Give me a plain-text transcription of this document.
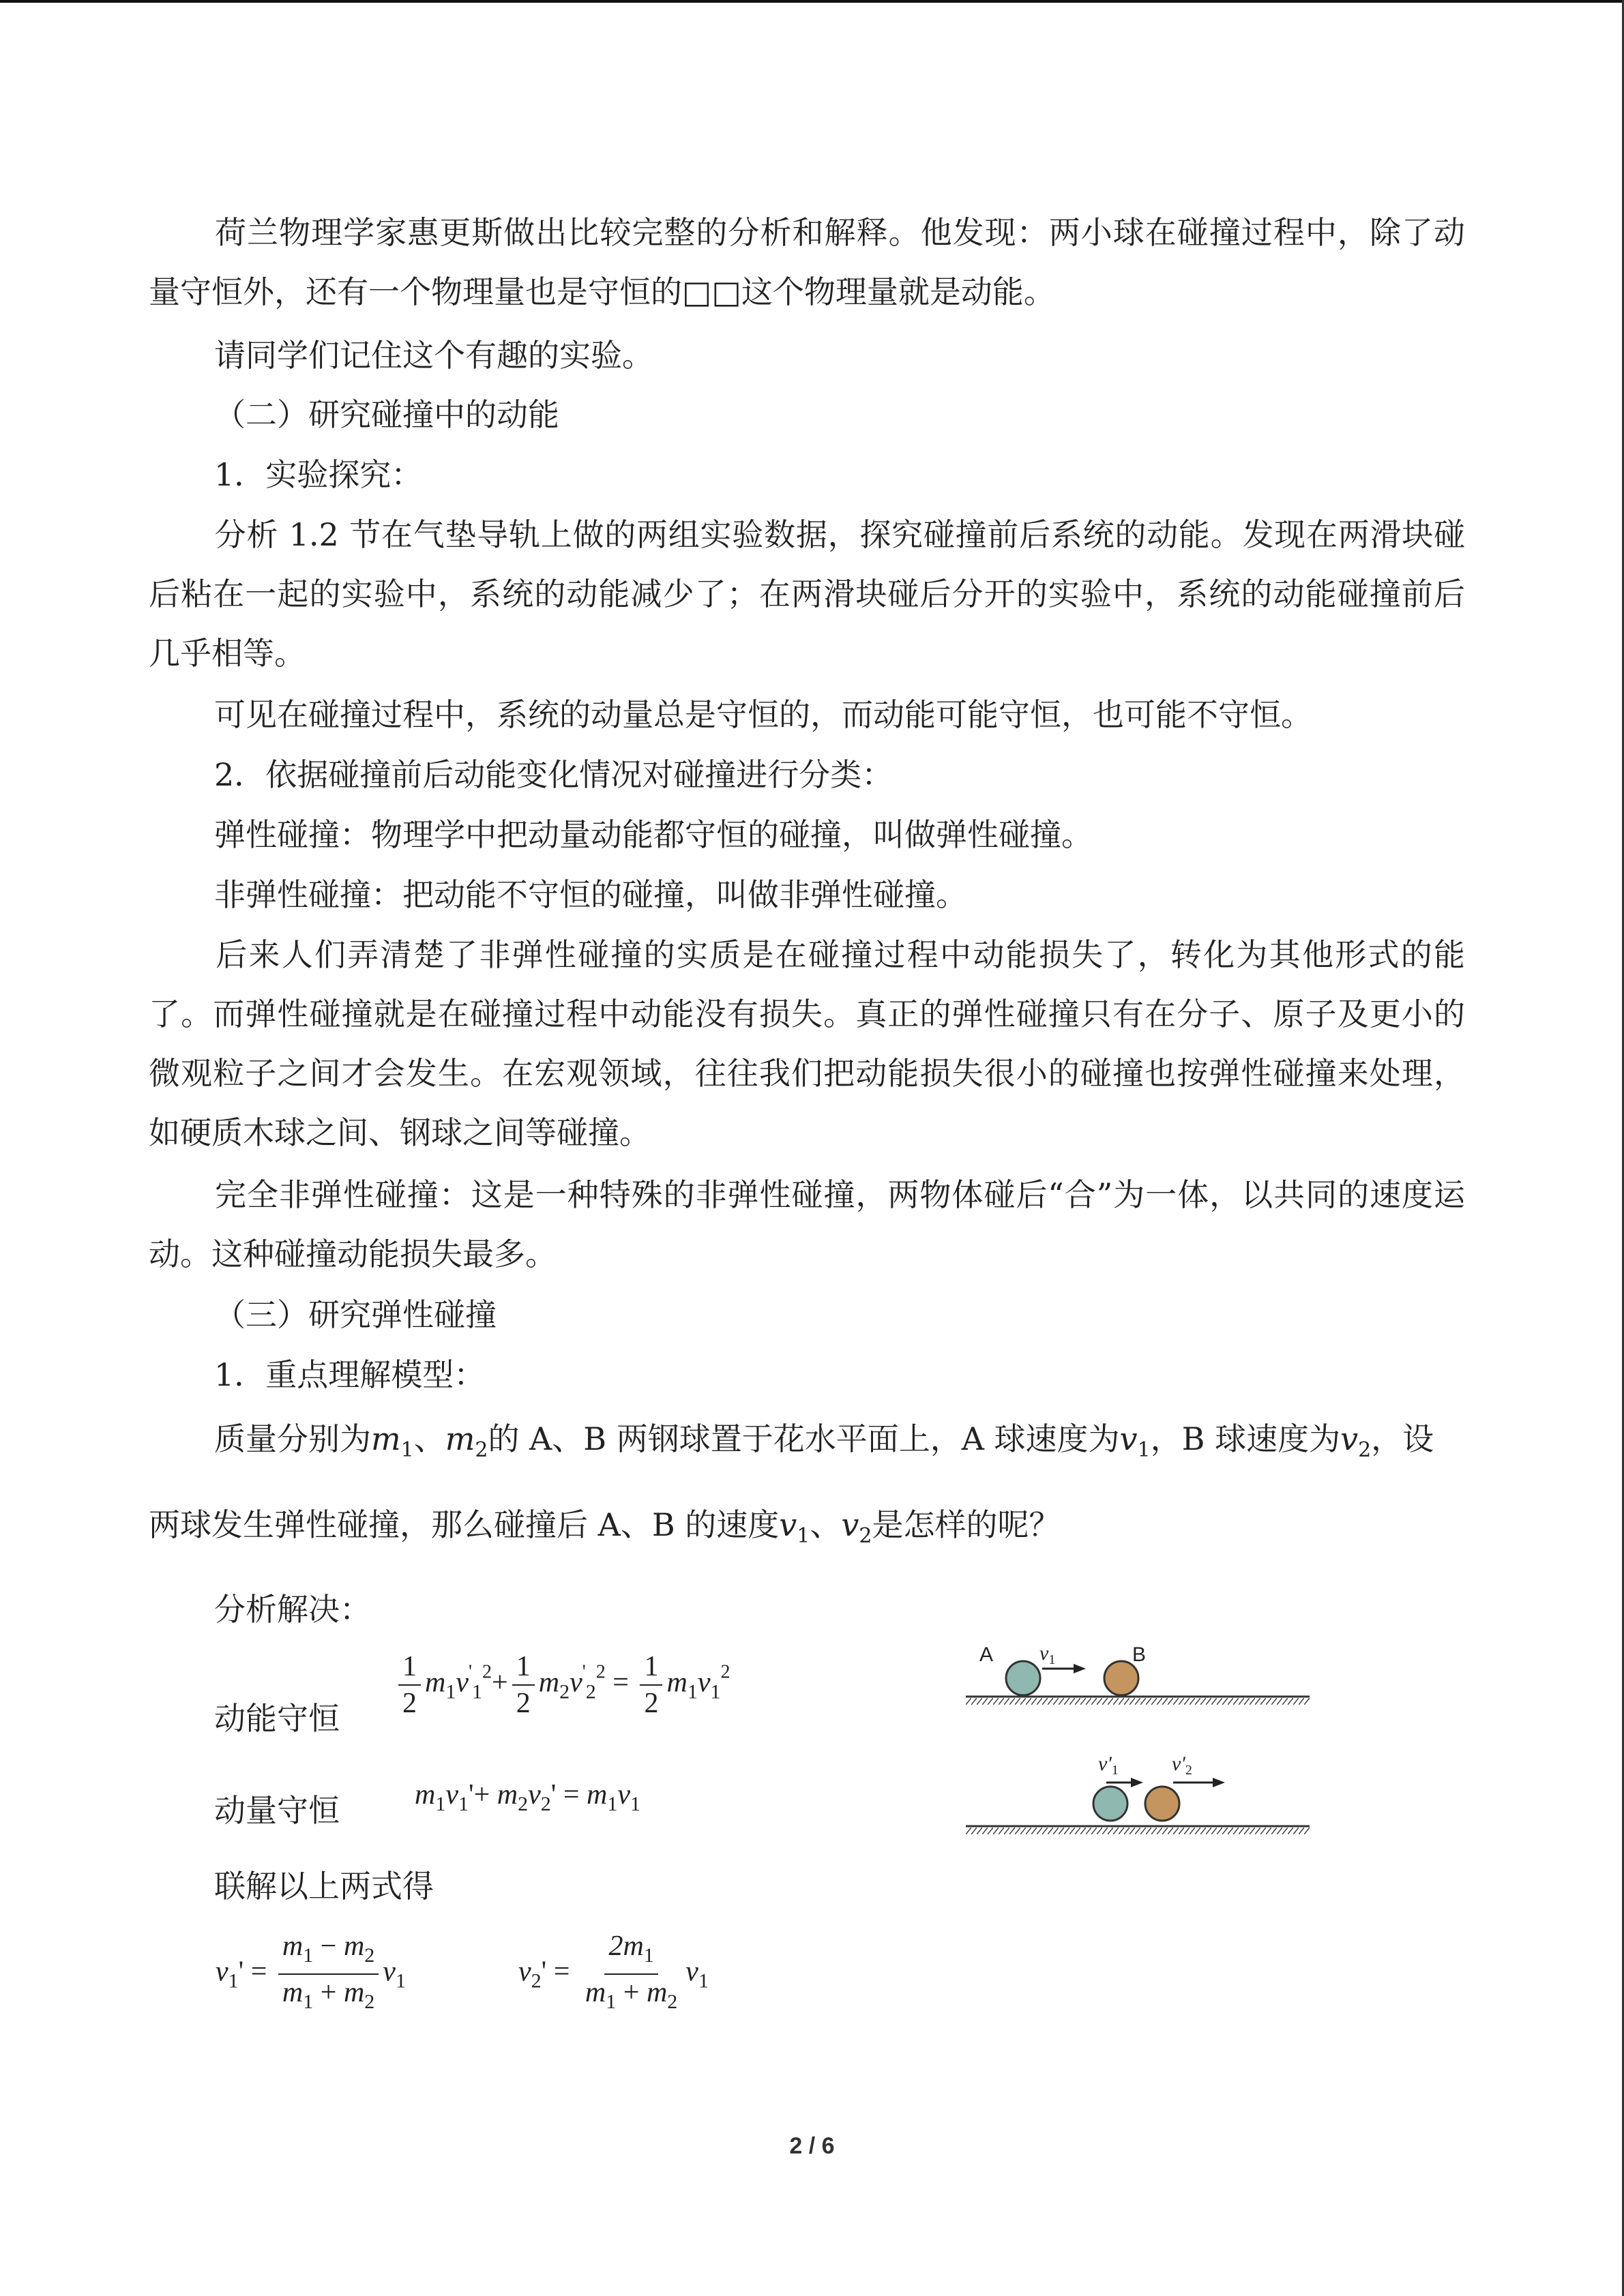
荷兰物理学家惠更斯做出比较完整的分析和解释。他发现：两小球在碰撞过程中，除了动量守恒外，还有一个物理量也是守恒的□□这个物理量就是动能。
请同学们记住这个有趣的实验。
（二）研究碰撞中的动能
1．实验探究：
分析 1.2 节在气垫导轨上做的两组实验数据，探究碰撞前后系统的动能。发现在两滑块碰后粘在一起的实验中，系统的动能减少了；在两滑块碰后分开的实验中，系统的动能碰撞前后几乎相等。
可见在碰撞过程中，系统的动量总是守恒的，而动能可能守恒，也可能不守恒。
2．依据碰撞前后动能变化情况对碰撞进行分类：
弹性碰撞：物理学中把动量动能都守恒的碰撞，叫做弹性碰撞。
非弹性碰撞：把动能不守恒的碰撞，叫做非弹性碰撞。
后来人们弄清楚了非弹性碰撞的实质是在碰撞过程中动能损失了，转化为其他形式的能了。而弹性碰撞就是在碰撞过程中动能没有损失。真正的弹性碰撞只有在分子、原子及更小的微观粒子之间才会发生。在宏观领域，往往我们把动能损失很小的碰撞也按弹性碰撞来处理，如硬质木球之间、钢球之间等碰撞。
完全非弹性碰撞：这是一种特殊的非弹性碰撞，两物体碰后“合”为一体，以共同的速度运动。这种碰撞动能损失最多。
（三）研究弹性碰撞
1．重点理解模型：
质量分别为$m_1$、$m_2$的 A、B 两钢球置于花水平面上，A 球速度为$v_1$，B 球速度为$v_2$，设
两球发生弹性碰撞，那么碰撞后 A、B 的速度$v_1$、$v_2$是怎样的呢？
分析解决：
动能守恒 $\frac{1}{2} m_1v'_1^2+ \frac{1}{2} m_2v'_2^2 = \frac{1}{2} m_1v_1^2$
动量守恒	$m_1v_1'+ m_2v_2' = m_1v_1$
联解以上两式得
$v_1' = \frac{m_1 - m_2}{m_1 + m_2} v_1$	$v_2' = \frac{2m_1}{m_1 + m_2} v_1$
A	B
$v_1$
$v'_1$	$v'_2$
2 / 6
